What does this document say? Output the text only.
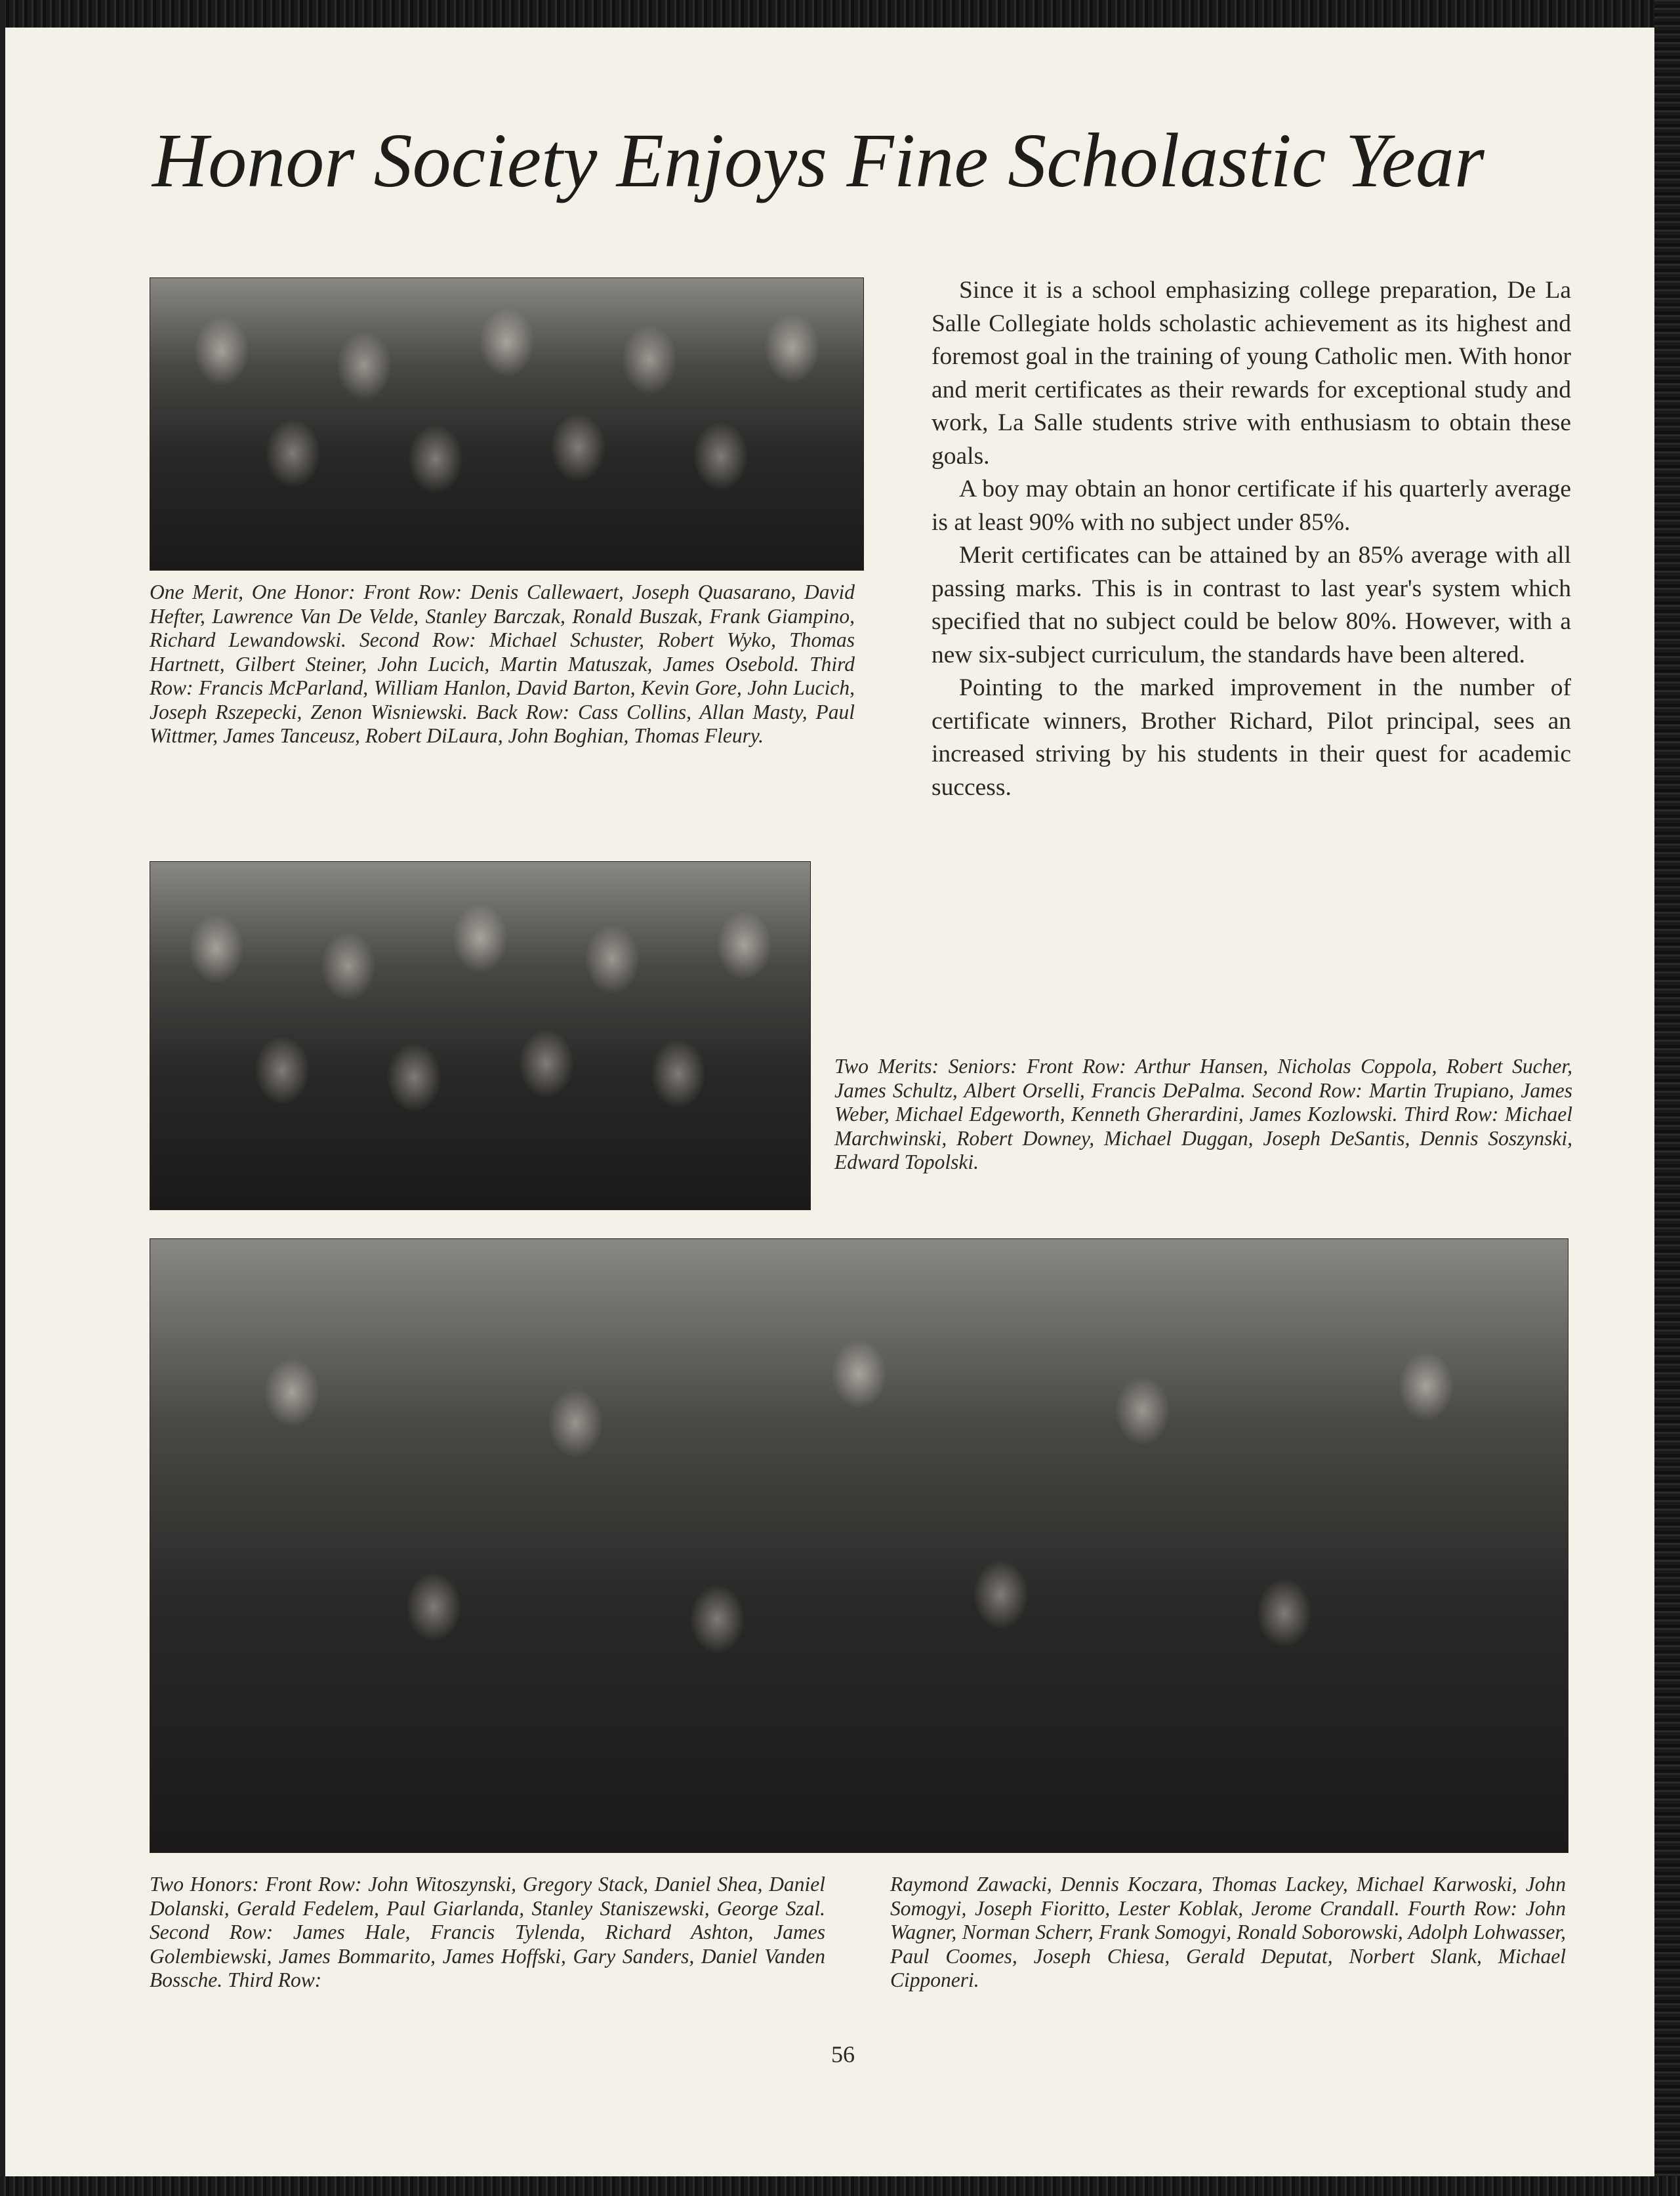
Honor Society Enjoys Fine Scholastic Year

One Merit, One Honor: Front Row: Denis Callewaert, Joseph Quasarano, David Hefter, Lawrence Van De Velde, Stanley Barczak, Ronald Buszak, Frank Giampino, Richard Lewandowski. Second Row: Michael Schuster, Robert Wyko, Thomas Hartnett, Gilbert Steiner, John Lucich, Martin Matuszak, James Osebold. Third Row: Francis McParland, William Hanlon, David Barton, Kevin Gore, John Lucich, Joseph Rszepecki, Zenon Wisniewski. Back Row: Cass Collins, Allan Masty, Paul Wittmer, James Tanceusz, Robert DiLaura, John Boghian, Thomas Fleury.

Since it is a school emphasizing college preparation, De La Salle Collegiate holds scholastic achievement as its highest and foremost goal in the training of young Catholic men. With honor and merit certificates as their rewards for exceptional study and work, La Salle students strive with enthusiasm to obtain these goals.

A boy may obtain an honor certificate if his quarterly average is at least 90% with no subject under 85%.

Merit certificates can be attained by an 85% average with all passing marks. This is in contrast to last year's system which specified that no subject could be below 80%. However, with a new six-subject curriculum, the standards have been altered.

Pointing to the marked improvement in the number of certificate winners, Brother Richard, Pilot principal, sees an increased striving by his students in their quest for academic success.

Two Merits: Seniors: Front Row: Arthur Hansen, Nicholas Coppola, Robert Sucher, James Schultz, Albert Orselli, Francis DePalma. Second Row: Martin Trupiano, James Weber, Michael Edgeworth, Kenneth Gherardini, James Kozlowski. Third Row: Michael Marchwinski, Robert Downey, Michael Duggan, Joseph DeSantis, Dennis Soszynski, Edward Topolski.

Two Honors: Front Row: John Witoszynski, Gregory Stack, Daniel Shea, Daniel Dolanski, Gerald Fedelem, Paul Giarlanda, Stanley Staniszewski, George Szal. Second Row: James Hale, Francis Tylenda, Richard Ashton, James Golembiewski, James Bommarito, James Hoffski, Gary Sanders, Daniel Vanden Bossche. Third Row:

Raymond Zawacki, Dennis Koczara, Thomas Lackey, Michael Karwoski, John Somogyi, Joseph Fioritto, Lester Koblak, Jerome Crandall. Fourth Row: John Wagner, Norman Scherr, Frank Somogyi, Ronald Soborowski, Adolph Lohwasser, Paul Coomes, Joseph Chiesa, Gerald Deputat, Norbert Slank, Michael Cipponeri.

56
